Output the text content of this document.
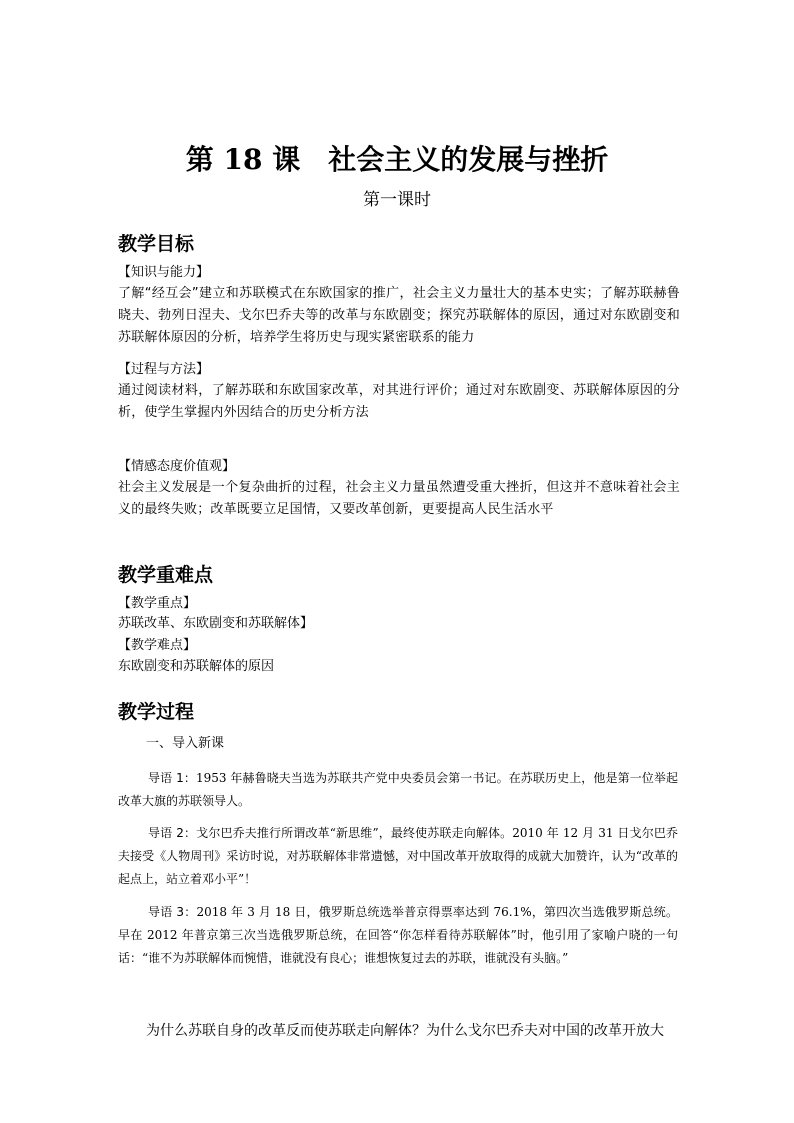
第 18 课　社会主义的发展与挫折
第一课时
教学目标
【知识与能力】
了解“经互会”建立和苏联模式在东欧国家的推广，社会主义力量壮大的基本史实；了解苏联赫鲁晓夫、勃列日涅夫、戈尔巴乔夫等的改革与东欧剧变；探究苏联解体的原因，通过对东欧剧变和苏联解体原因的分析，培养学生将历史与现实紧密联系的能力
【过程与方法】
通过阅读材料，了解苏联和东欧国家改革，对其进行评价；通过对东欧剧变、苏联解体原因的分析，使学生掌握内外因结合的历史分析方法
【情感态度价值观】
社会主义发展是一个复杂曲折的过程，社会主义力量虽然遭受重大挫折，但这并不意味着社会主义的最终失败；改革既要立足国情，又要改革创新，更要提高人民生活水平
教学重难点
【教学重点】
苏联改革、东欧剧变和苏联解体】
【教学难点】
东欧剧变和苏联解体的原因
教学过程
一、导入新课
导语 1：1953 年赫鲁晓夫当选为苏联共产党中央委员会第一书记。在苏联历史上，他是第一位举起改革大旗的苏联领导人。
导语 2：戈尔巴乔夫推行所谓改革“新思维”，最终使苏联走向解体。2010 年 12 月 31 日戈尔巴乔夫接受《人物周刊》采访时说，对苏联解体非常遗憾，对中国改革开放取得的成就大加赞许，认为“改革的起点上，站立着邓小平”！
导语 3：2018 年 3 月 18 日，俄罗斯总统选举普京得票率达到 76.1%，第四次当选俄罗斯总统。早在 2012 年普京第三次当选俄罗斯总统，在回答“你怎样看待苏联解体”时，他引用了家喻户晓的一句话：“谁不为苏联解体而惋惜，谁就没有良心；谁想恢复过去的苏联，谁就没有头脑。”
为什么苏联自身的改革反而使苏联走向解体？为什么戈尔巴乔夫对中国的改革开放大
